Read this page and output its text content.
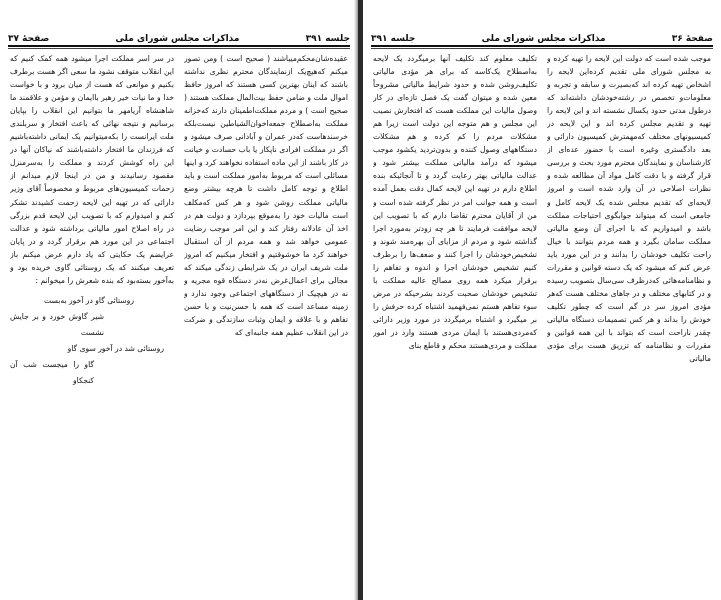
جلسه ۳۹۱
مذاکرات مجلس شورای ملی
صفحهٔ ۳۷

عقیده‌شان‌محکم‌میباشند ( صحیح است ) ومن تصور میکنم که‌هیچ‌یک از‌نمایندگان محترم نظری نداشته باشند که اینان بهترین کسی هستند که امروز حافظ اموال ملت و ضامن حفظ بیت‌المال مملکت هستند ( صحیح است ) و مردم مملکت‌اطمینان دارند که‌خزانه مملکت به‌اصطلاح جمعه‌اخوان‌الشیاطین نیست‌بلکه خرسندهاست که‌در عمران و آبادانی صرف میشود و اگر در مملکت افرادی ناپکار یا باب حسادت و خیانت در کار باشند از این ماده استفاده نخواهند کرد و اینها مسائلی است که مربوط به‌امور مملکت است و باید اطلاع و توجه کامل داشت تا هرچه بیشتر وضع مالیاتی مملکت روشن شود و هر کس که‌مکلف است مالیات خود را به‌موقع بپردازد و دولت هم در اخذ آن عادلانه رفتار کند و این امر موجب رضایت عمومی خواهد شد و همه مردم از آن استقبال خواهند کرد ما خوشوقتیم و افتخار میکنیم که امروز ملت شریف ایران در یک شرایطی زندگی میکند که مجالی برای اعمال‌غرض نه‌در دستگاه قوه مجریه و نه در هیچیک از دستگاههای اجتماعی وجود ندارد و زمینه مساعد است که همه با حسن‌نیت و با حسن تفاهم و با علاقه و ایمان وثبات سازندگی و ضرکت در این انقلاب عظیم همه جانبه‌ای که

در سر اسر مملکت اجرا میشود همه کمک کنیم که این انقلاب متوقف نشود ما سعی اگر هست برطرف بکنیم و موانعی که هست از میان برود و با خواست خدا و ما نیات خیر رهبر با‌ایمان و مؤمن و علاقمند ما شاهنشاه آریامهر ما بتوانیم این انقلاب را بپایان برسانیم و نتیجه نهائی که باعث افتخار و سربلندی ملت ایرانست را بکه‌میتوانیم یک ایمانی داشته‌باشیم که فرزندان ما افتخار داشته‌باشند که نیاکان آنها در این راه کوشش کردند و مملکت را به‌سرمنزل مقصود رسانیدند و من در اینجا لازم میدانم از زحمات کمیسیون‌های مربوط و مخصوصاً آقای وزیر دارائی که در تهیه این لایحه زحمت کشیدند تشکر کنم و امیدوارم که با تصویب این لایحه قدم بزرگی در راه اصلاح امور مالیاتی برداشته شود و عدالت اجتماعی در این مورد هم برقرار گردد و در پایان عرایضم یک حکایتی که یاد دارم عرض میکنم باز تعریف میکنند که یک روستائی گاوی خریده بود و به‌آخور بسته‌بود که بنده شعرش را میخوانم :

روستائی گاو در آخور به‌بست
شیر گاوش خورد و بر جایش نشست
روستائی شد در آخور سوی گاو
گاو را میجست شب آن کنجکاو
صفحهٔ ۳۶
مذاکرات مجلس شورای ملی
جلسه ۳۹۱

موجب شده است که دولت این لایحه را تهیه کرده و به مجلس شورای ملی تقدیم کرده‌این لایحه را اشخاص تهیه کرده اند که‌بصیرت و سابقه و تجربه و معلومات‌و تخصص در رشته‌خودشان داشته‌اند که در‌طول مدتی حدود یکسال نشسته اند و این لایحه را تهیه و تقدیم مجلس کرده اند و این لایحه در کمیسیونهای مختلف که‌مهمترش کمیسیون دارائی و بعد دادگستری وغیره است با حضور عده‌ای از کارشناسان و نمایندگان محترم مورد بحث و بررسی قرار گرفته و با دقت کامل مواد آن مطالعه شده و نظرات اصلاحی در آن وارد شده است و امروز لایحه‌ای که تقدیم مجلس شده یک لایحه کامل و جامعی است که میتواند جوابگوی احتیاجات مملکت باشد و امیدواریم که با اجرای آن وضع مالیاتی مملکت سامان بگیرد و همه مردم بتوانند با خیال راحت تکلیف خودشان را بدانند و در این مورد باید عرض کنم که میشود که یک دسته قوانین و مقررات و نظامنامه‌هائی که‌درظرف سی‌سال بتصویب رسیده و در کتابهای مختلف و در جاهای مختلف هست که‌هر مؤدی امروز سر در گم است که چطور تکلیف خودش را بداند و هر کس تصمیمات دستگاه مالیاتی چقدر ناراحت است که بتواند با این همه قوانین و مقررات و نظامنامه که تزریق هست برای مؤدی مالیاتی

تکلیف معلوم کند تکلیف آنها برمیگردد یک لایحه به‌اصطلاح یک‌کاسه که برای هر مؤدی مالیاتی تکلیف‌روشن شده و حدود شرایط مالیاتی مشروحاً معین شده و میتوان گفت یک فصل تازه‌ای در کار وصول مالیات این مملکت هست که افتخارش نصیب این مجلس و هم متوجه این دولت است زیرا هم مشکلات مردم را کم کرده و هم مشکلات دستگاههای وصول کننده و بدون‌تردید یکشود موجب میشود که درآمد مالیاتی مملکت بیشتر شود و عدالت مالیاتی بهتر رعایت گردد و تا آنجائیکه بنده اطلاع دارم در تهیه این لایحه کمال دقت بعمل آمده است و همه جوانب امر در نظر گرفته شده است و من از آقایان محترم تقاضا دارم که با تصویب این لایحه موافقت فرمایند تا هر چه زودتر به‌مورد اجرا گذاشته شود و مردم از مزایای آن بهره‌مند شوند و تشخیص‌خودشان را اجرا کنند و ضعف‌ها را برطرف کنیم تشخیص خودشان اجرا و اندوه و تفاهم را برقرار میکرد همه روی مصالح عالیه مملکت با تشخیص خودشان صحبت کردند بشرحیکه در مرض سوء تفاهم هستم نمی‌فهمید اشتباه کرده حرفش را بر میگیرد و اشتباه برمیگردد در مورد وزیر دارائی که‌مردی‌هستند با ایمان مردی هستند وارد در امور مملکت و مردی‌هستند محکم و قاطع بنای
